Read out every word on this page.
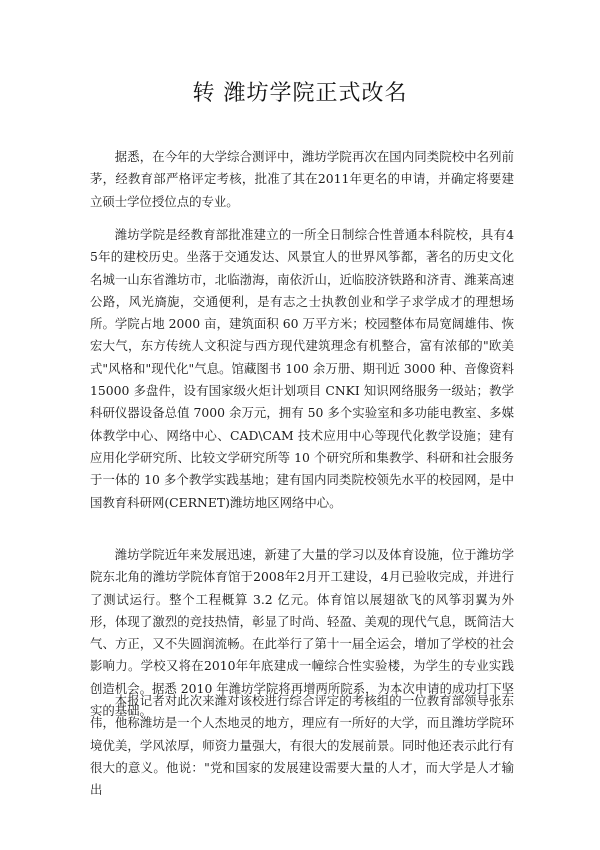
转 潍坊学院正式改名

据悉，在今年的大学综合测评中，潍坊学院再次在国内同类院校中名列前茅，经教育部严格评定考核，批准了其在2011年更名的申请，并确定将要建立硕士学位授位点的专业。

潍坊学院是经教育部批准建立的一所全日制综合性普通本科院校，具有45年的建校历史。坐落于交通发达、风景宜人的世界风筝都，著名的历史文化名城一山东省潍坊市，北临渤海，南依沂山，近临胶济铁路和济青、潍莱高速公路，风光旖旎，交通便利，是有志之士执教创业和学子求学成才的理想场所。学院占地 2000 亩，建筑面积 60 万平方米；校园整体布局宽阔雄伟、恢宏大气，东方传统人文积淀与西方现代建筑理念有机整合，富有浓郁的"欧美式"风格和"现代化"气息。馆藏图书 100 余万册、期刊近 3000 种、音像资料 15000 多盘件，设有国家级火炬计划项目 CNKI 知识网络服务一级站；教学科研仪器设备总值 7000 余万元，拥有 50 多个实验室和多功能电教室、多媒体教学中心、网络中心、CAD\CAM 技术应用中心等现代化教学设施；建有应用化学研究所、比较文学研究所等 10 个研究所和集教学、科研和社会服务于一体的 10 多个教学实践基地；建有国内同类院校领先水平的校园网，是中国教育科研网(CERNET)潍坊地区网络中心。

潍坊学院近年来发展迅速，新建了大量的学习以及体育设施，位于潍坊学院东北角的潍坊学院体育馆于2008年2月开工建设，4月已验收完成，并进行了测试运行。整个工程概算 3.2 亿元。体育馆以展翅欲飞的风筝羽翼为外形，体现了激烈的竞技热情，彰显了时尚、轻盈、美观的现代气息，既简洁大气、方正，又不失圆润流畅。在此举行了第十一届全运会，增加了学校的社会影响力。学校又将在2010年年底建成一幢综合性实验楼，为学生的专业实践创造机会。据悉 2010 年潍坊学院将再增两所院系，为本次申请的成功打下坚实的基础。

本报记者对此次来潍对该校进行综合评定的考核组的一位教育部领导张东伟，他称潍坊是一个人杰地灵的地方，理应有一所好的大学，而且潍坊学院环境优美，学风浓厚，师资力量强大，有很大的发展前景。同时他还表示此行有很大的意义。他说："党和国家的发展建设需要大量的人才，而大学是人才输出
